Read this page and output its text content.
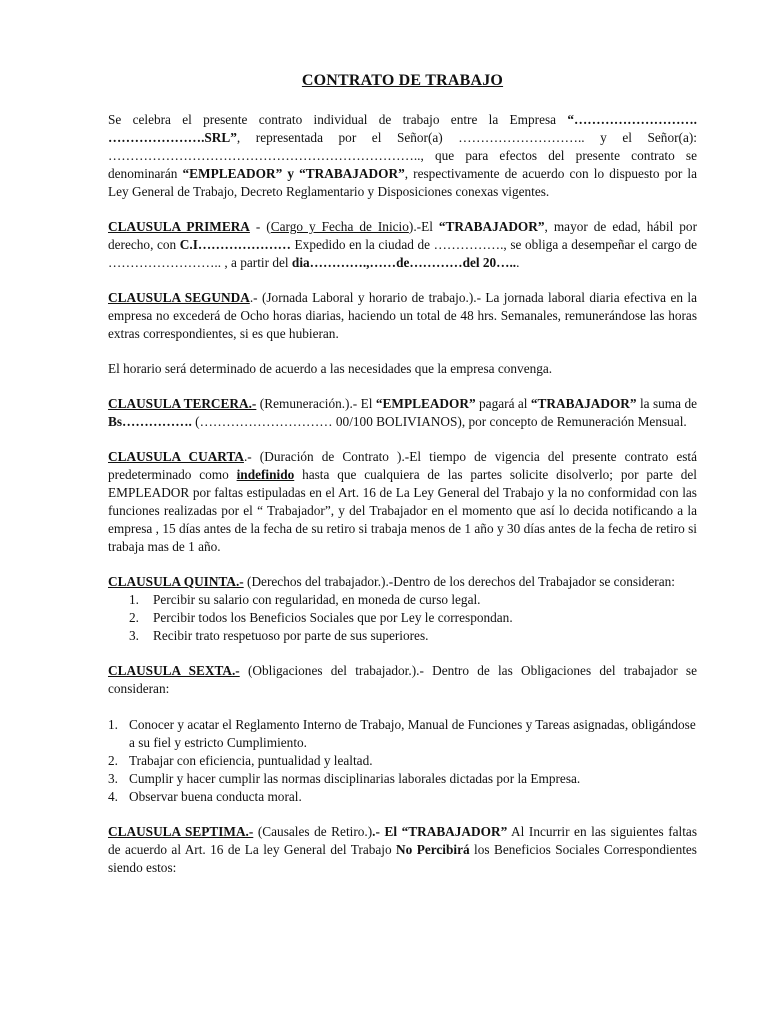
CONTRATO DE TRABAJO

Se celebra el presente contrato individual de trabajo entre la Empresa “………………………. ………………….SRL”, representada por el Señor(a) ……………………….. y el Señor(a): …………………………………………………………….., que para efectos del presente contrato se denominarán “EMPLEADOR” y “TRABAJADOR”, respectivamente de acuerdo con lo dispuesto por la Ley General de Trabajo, Decreto Reglamentario y Disposiciones conexas vigentes.

CLAUSULA PRIMERA - (Cargo y Fecha de Inicio).-El “TRABAJADOR”, mayor de edad, hábil por derecho, con C.I………………… Expedido en la ciudad de ……………., se obliga a desempeñar el cargo de …………………….. , a partir del dia………….,……de…………del 20…...

CLAUSULA SEGUNDA.- (Jornada Laboral y horario de trabajo.).- La jornada laboral diaria efectiva en la empresa no excederá de Ocho horas diarias, haciendo un total de 48 hrs. Semanales, remunerándose las horas extras correspondientes, si es que hubieran.

El horario será determinado de acuerdo a las necesidades que la empresa convenga.

CLAUSULA TERCERA.- (Remuneración.).- El “EMPLEADOR” pagará al “TRABAJADOR” la suma de Bs……………. (………………………… 00/100 BOLIVIANOS), por concepto de Remuneración Mensual.

CLAUSULA CUARTA.- (Duración de Contrato ).-El tiempo de vigencia del presente contrato está predeterminado como indefinido hasta que cualquiera de las partes solicite disolverlo; por parte del EMPLEADOR por faltas estipuladas en el Art. 16 de La Ley General del Trabajo y la no conformidad con las funciones realizadas por el “ Trabajador”, y del Trabajador en el momento que así lo decida notificando a la empresa , 15 días antes de la fecha de su retiro si trabaja menos de 1 año y 30 días antes de la fecha de retiro si trabaja mas de 1 año.

CLAUSULA QUINTA.- (Derechos del trabajador.).-Dentro de los derechos del Trabajador se consideran:

1. Percibir su salario con regularidad, en moneda de curso legal.
2. Percibir todos los Beneficios Sociales que por Ley le correspondan.
3. Recibir trato respetuoso por parte de sus superiores.

CLAUSULA SEXTA.- (Obligaciones del trabajador.).- Dentro de las Obligaciones del trabajador se consideran:

1. Conocer y acatar el Reglamento Interno de Trabajo, Manual de Funciones y Tareas asignadas, obligándose a su fiel y estricto Cumplimiento.
2. Trabajar con eficiencia, puntualidad y lealtad.
3. Cumplir y hacer cumplir las normas disciplinarias laborales dictadas por la Empresa.
4. Observar buena conducta moral.

CLAUSULA SEPTIMA.- (Causales de Retiro.).- El “TRABAJADOR” Al Incurrir en las siguientes faltas de acuerdo al Art. 16 de La ley General del Trabajo No Percibirá los Beneficios Sociales Correspondientes siendo estos:
